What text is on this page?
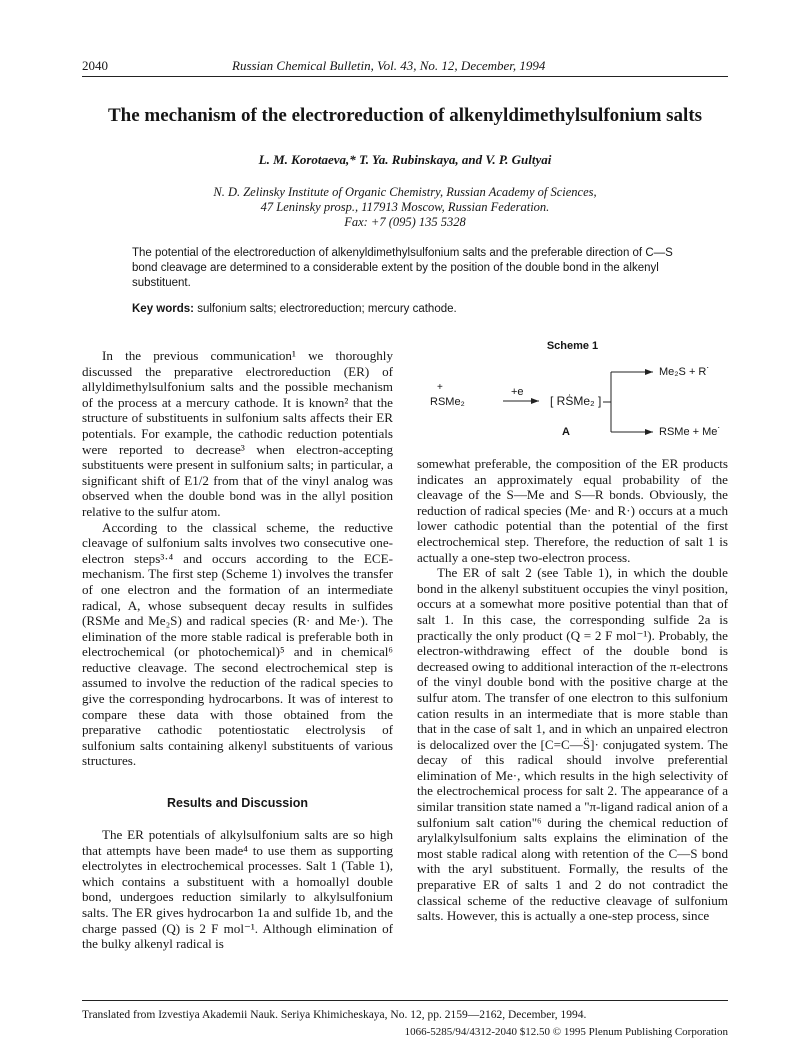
2040	Russian Chemical Bulletin, Vol. 43, No. 12, December, 1994
The mechanism of the electroreduction of alkenyldimethylsulfonium salts
L. M. Korotaeva,* T. Ya. Rubinskaya, and V. P. Gultyai
N. D. Zelinsky Institute of Organic Chemistry, Russian Academy of Sciences,
47 Leninsky prosp., 117913 Moscow, Russian Federation.
Fax: +7 (095) 135 5328
The potential of the electroreduction of alkenyldimethylsulfonium salts and the preferable direction of C—S bond cleavage are determined to a considerable extent by the position of the double bond in the alkenyl substituent.
Key words: sulfonium salts; electroreduction; mercury cathode.

In the previous communication¹ we thoroughly discussed the preparative electroreduction (ER) of allyldimethylsulfonium salts and the possible mechanism of the process at a mercury cathode. It is known² that the structure of substituents in sulfonium salts affects their ER potentials. For example, the cathodic reduction potentials were reported to decrease³ when electron-accepting substituents were present in sulfonium salts; in particular, a significant shift of E1/2 from that of the vinyl analog was observed when the double bond was in the allyl position relative to the sulfur atom.

According to the classical scheme, the reductive cleavage of sulfonium salts involves two consecutive one-electron steps³·⁴ and occurs according to the ECE-mechanism. The first step (Scheme 1) involves the transfer of one electron and the formation of an intermediate radical, A, whose subsequent decay results in sulfides (RSMe and Me₂S) and radical species (R· and Me·). The elimination of the more stable radical is preferable both in electrochemical (or photochemical)⁵ and in chemical⁶ reductive cleavage. The second electrochemical step is assumed to involve the reduction of the radical species to give the corresponding hydrocarbons. It was of interest to compare these data with those obtained from the preparative cathodic potentiostatic electrolysis of sulfonium salts containing alkenyl substituents of various structures.

Results and Discussion

The ER potentials of alkylsulfonium salts are so high that attempts have been made⁴ to use them as supporting electrolytes in electrochemical processes. Salt 1 (Table 1), which contains a substituent with a homoallyl double bond, undergoes reduction similarly to alkylsulfonium salts. The ER gives hydrocarbon 1a and sulfide 1b, and the charge passed (Q) is 2 F mol⁻¹. Although elimination of the bulky alkenyl radical is

Scheme 1
+
RSMe₂
+e
[ RṠMe₂ ]
A
Me₂S + R˙
RSMe + Me˙

somewhat preferable, the composition of the ER products indicates an approximately equal probability of the cleavage of the S—Me and S—R bonds. Obviously, the reduction of radical species (Me· and R·) occurs at a much lower cathodic potential than the potential of the first electrochemical step. Therefore, the reduction of salt 1 is actually a one-step two-electron process.

The ER of salt 2 (see Table 1), in which the double bond in the alkenyl substituent occupies the vinyl position, occurs at a somewhat more positive potential than that of salt 1. In this case, the corresponding sulfide 2a is practically the only product (Q = 2 F mol⁻¹). Probably, the electron-withdrawing effect of the double bond is decreased owing to additional interaction of the π-electrons of the vinyl double bond with the positive charge at the sulfur atom. The transfer of one electron to this sulfonium cation results in an intermediate that is more stable than that in the case of salt 1, and in which an unpaired electron is delocalized over the [C=C—S̈]· conjugated system. The decay of this radical should involve preferential elimination of Me·, which results in the high selectivity of the electrochemical process for salt 2. The appearance of a similar transition state named a "π-ligand radical anion of a sulfonium salt cation"⁶ during the chemical reduction of arylalkylsulfonium salts explains the elimination of the most stable radical along with retention of the C—S bond with the aryl substituent. Formally, the results of the preparative ER of salts 1 and 2 do not contradict the classical scheme of the reductive cleavage of sulfonium salts. However, this is actually a one-step process, since

Translated from Izvestiya Akademii Nauk. Seriya Khimicheskaya, No. 12, pp. 2159—2162, December, 1994.
1066-5285/94/4312-2040 $12.50 © 1995 Plenum Publishing Corporation
